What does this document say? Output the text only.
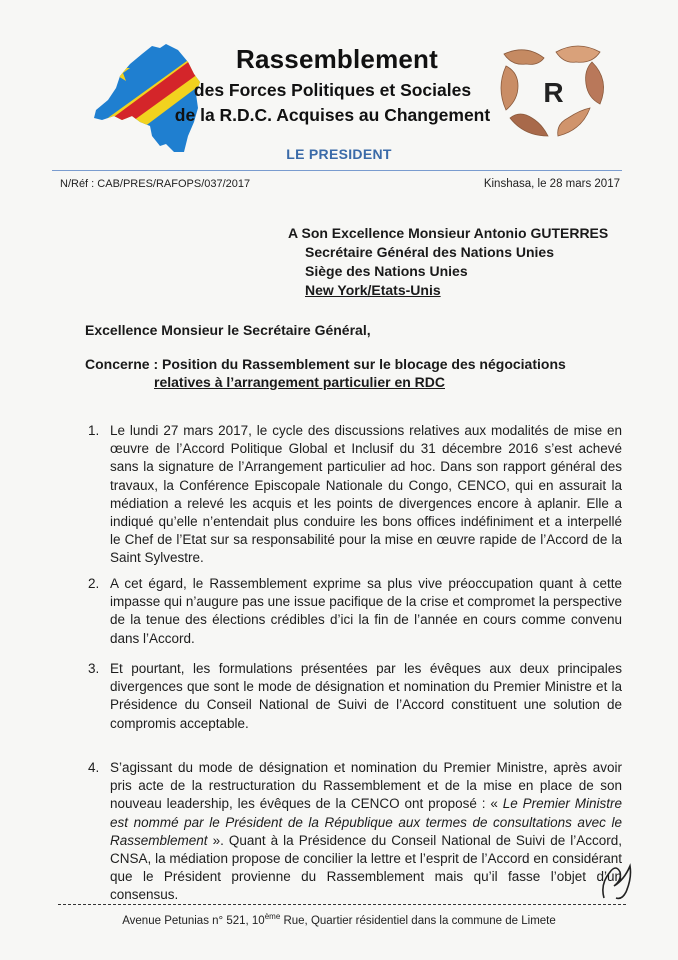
Rassemblement
des Forces Politiques et Sociales
de la R.D.C. Acquises au Changement
R
LE PRESIDENT
N/Réf : CAB/PRES/RAFOPS/037/2017	Kinshasa, le 28 mars 2017
A Son Excellence Monsieur Antonio GUTERRES
Secrétaire Général des Nations Unies
Siège des Nations Unies
New York/Etats-Unis
Excellence Monsieur le Secrétaire Général,
Concerne : Position du Rassemblement sur le blocage des négociations
relatives à l’arrangement particulier en RDC
1. Le lundi 27 mars 2017, le cycle des discussions relatives aux modalités de mise en œuvre de l’Accord Politique Global et Inclusif du 31 décembre 2016 s’est achevé sans la signature de l’Arrangement particulier ad hoc. Dans son rapport général des travaux, la Conférence Episcopale Nationale du Congo, CENCO, qui en assurait la médiation a relevé les acquis et les points de divergences encore à aplanir. Elle a indiqué qu’elle n’entendait plus conduire les bons offices indéfiniment et a interpellé le Chef de l’Etat sur sa responsabilité pour la mise en œuvre rapide de l’Accord de la Saint Sylvestre.
2. A cet égard, le Rassemblement exprime sa plus vive préoccupation quant à cette impasse qui n’augure pas une issue pacifique de la crise et compromet la perspective de la tenue des élections crédibles d’ici la fin de l’année en cours comme convenu dans l’Accord.
3. Et pourtant, les formulations présentées par les évêques aux deux principales divergences que sont le mode de désignation et nomination du Premier Ministre et la Présidence du Conseil National de Suivi de l’Accord constituent une solution de compromis acceptable.
4. S’agissant du mode de désignation et nomination du Premier Ministre, après avoir pris acte de la restructuration du Rassemblement et de la mise en place de son nouveau leadership, les évêques de la CENCO ont proposé : « Le Premier Ministre est nommé par le Président de la République aux termes de consultations avec le Rassemblement ». Quant à la Présidence du Conseil National de Suivi de l’Accord, CNSA, la médiation propose de concilier la lettre et l’esprit de l’Accord en considérant que le Président provienne du Rassemblement mais qu’il fasse l’objet d’un consensus.
Avenue Petunias n° 521, 10ème Rue, Quartier résidentiel dans la commune de Limete
